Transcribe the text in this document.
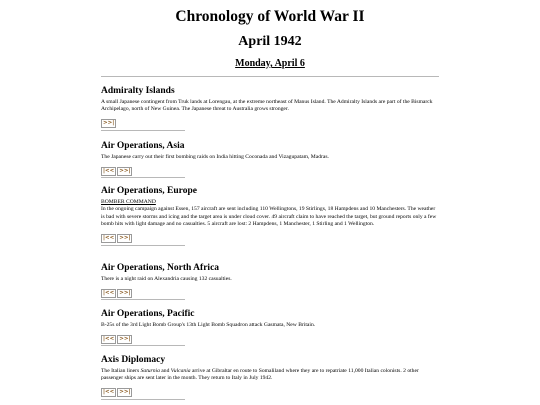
Chronology of World War II
April 1942
Monday, April 6
Admiralty Islands
A small Japanese contingent from Truk lands at Lorengau, at the extreme northeast of Manus Island. The Admiralty Islands are part of the Bismarck Archipelago, north of New Guinea. The Japanese threat to Australia grows stronger.
>>|
Air Operations, Asia
The Japanese carry out their first bombing raids on India hitting Coconada and Vizagupatam, Madras.
|<< >>|
Air Operations, Europe
BOMBER COMMAND
In the ongoing campaign against Essen, 157 aircraft are sent including 110 Wellingtons, 19 Stirlings, 18 Hampdens and 10 Manchesters. The weather is bad with severe storms and icing and the target area is under cloud cover. 49 aircraft claim to have reached the target, but ground reports only a few bomb hits with light damage and no casualties. 5 aircraft are lost: 2 Hampdens, 1 Manchester, 1 Stirling and 1 Wellington.
|<< >>|
Air Operations, North Africa
There is a night raid on Alexandria causing 132 casualties.
|<< >>|
Air Operations, Pacific
B-25s of the 3rd Light Bomb Group's 13th Light Bomb Squadron attack Gasmata, New Britain.
|<< >>|
Axis Diplomacy
The Italian liners Saturnia and Vulcania arrive at Gibraltar en route to Somaliland where they are to repatriate 11,000 Italian colonists. 2 other passenger ships are sent later in the month. They return to Italy in July 1942.
|<< >>|
